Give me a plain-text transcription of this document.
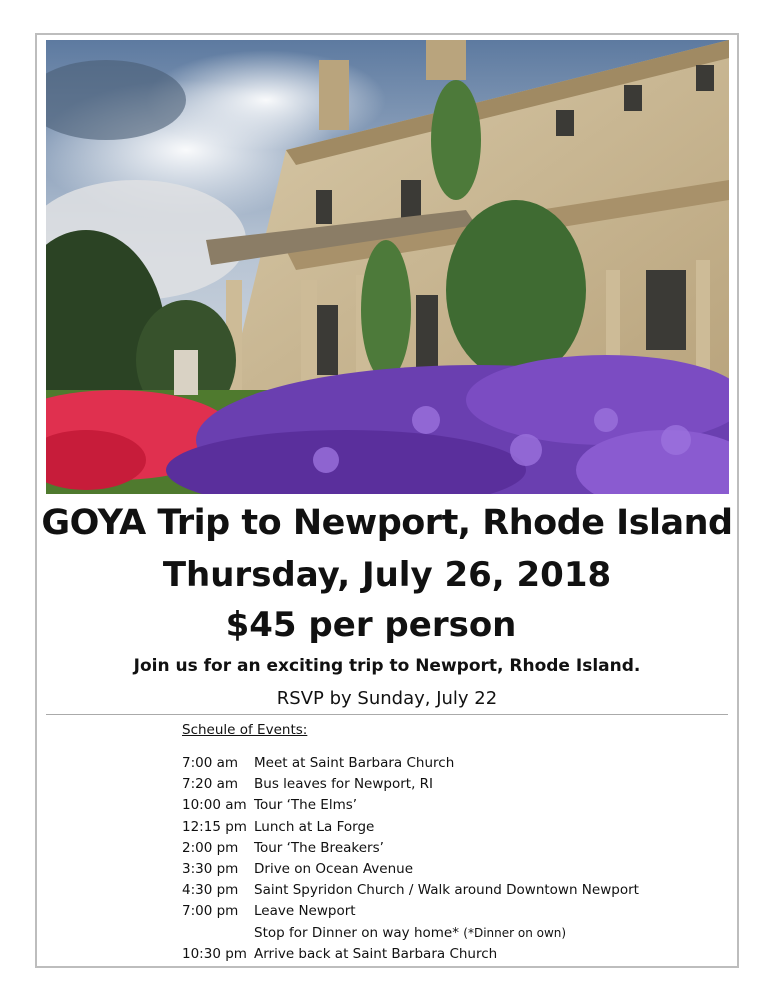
GOYA Trip to Newport, Rhode Island
Thursday, July 26, 2018
$45 per person
Join us for an exciting trip to Newport, Rhode Island.
RSVP by Sunday, July 22
Scheule of Events:
7:00 am	Meet at Saint Barbara Church
7:20 am	Bus leaves for Newport, RI
10:00 am Tour ‘The Elms’
12:15 pm Lunch at La Forge
2:00 pm	Tour ‘The Breakers’
3:30 pm	Drive on Ocean Avenue
4:30 pm	Saint Spyridon Church / Walk around Downtown Newport
7:00 pm	Leave Newport
Stop for Dinner on way home* (*Dinner on own)
10:30 pm Arrive back at Saint Barbara Church
